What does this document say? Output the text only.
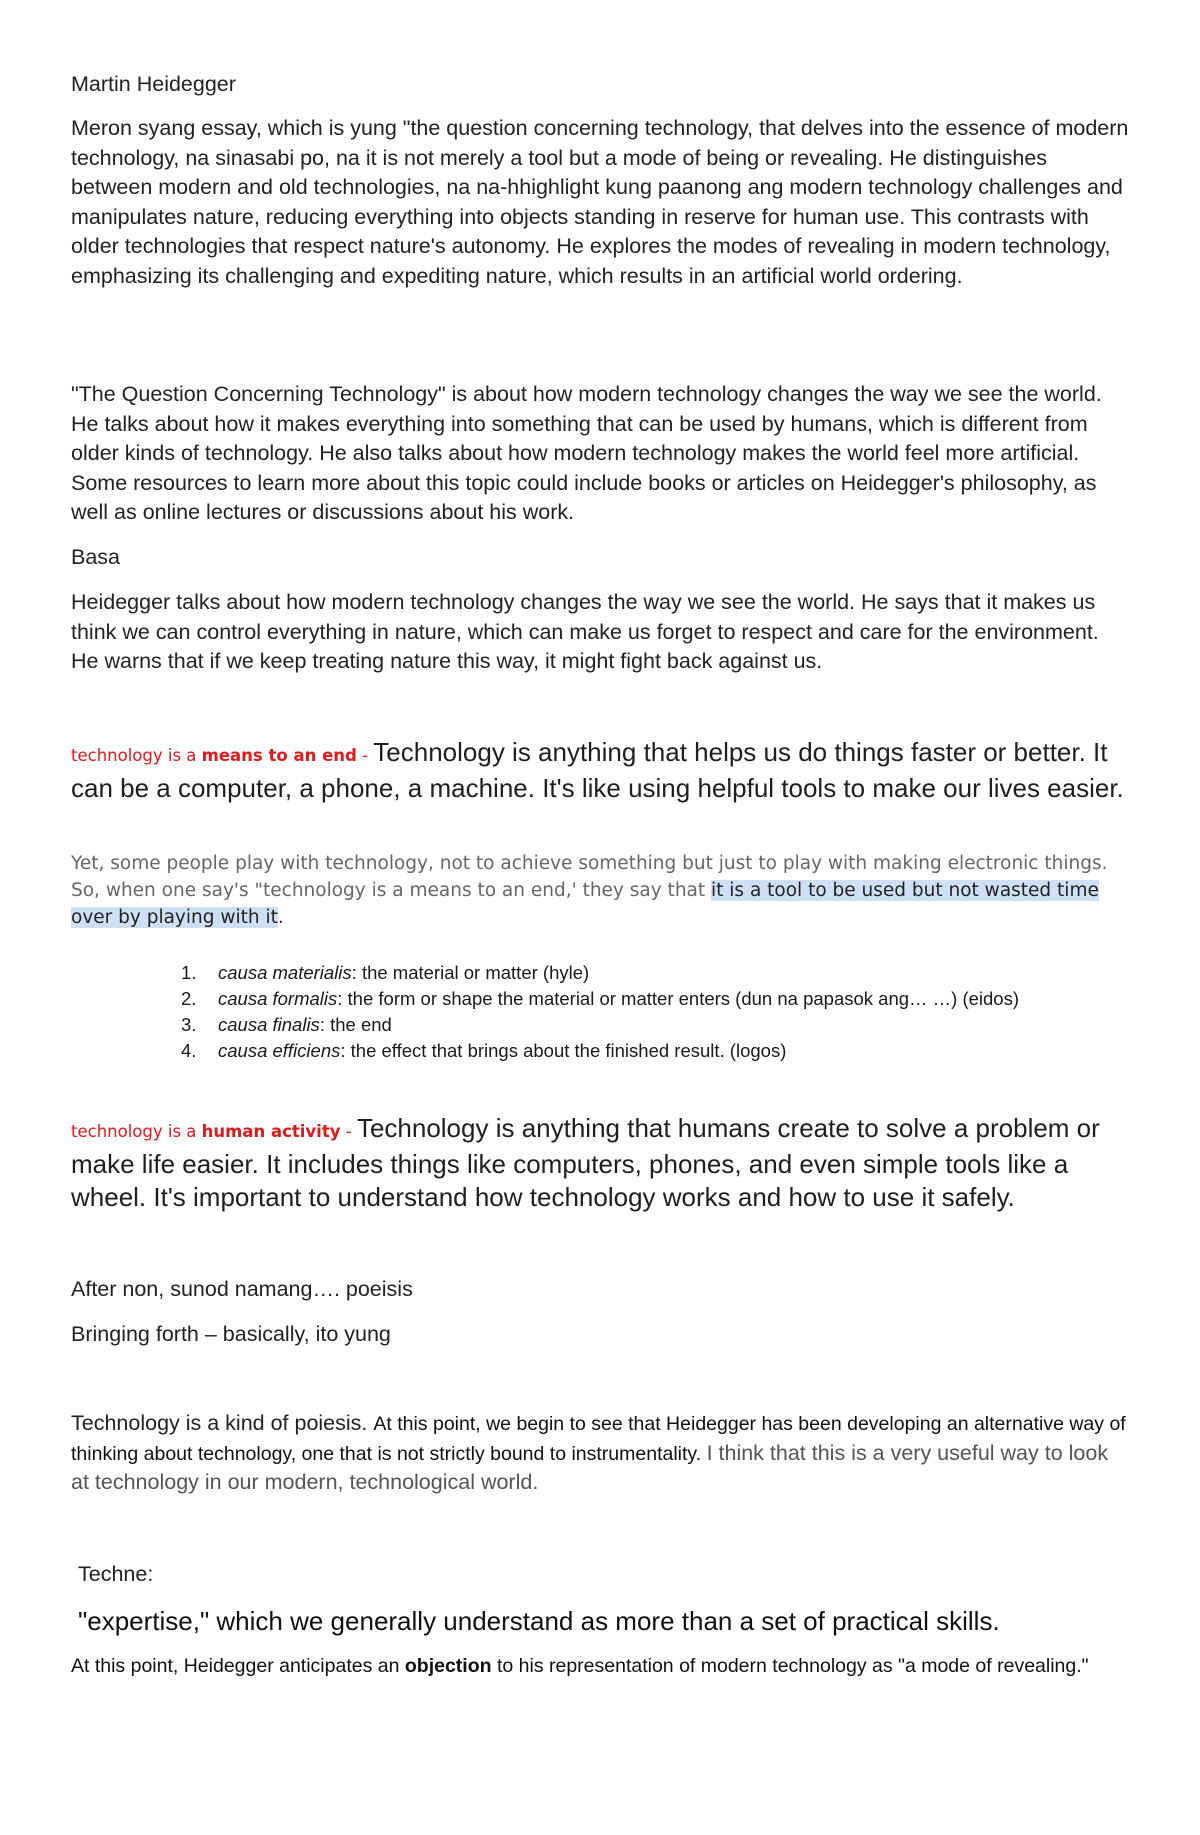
Martin Heidegger

Meron syang essay, which is yung "the question concerning technology, that delves into the essence of modern technology, na sinasabi po, na it is not merely a tool but a mode of being or revealing. He distinguishes between modern and old technologies, na na-hhighlight kung paanong ang modern technology challenges and manipulates nature, reducing everything into objects standing in reserve for human use. This contrasts with older technologies that respect nature's autonomy. He explores the modes of revealing in modern technology, emphasizing its challenging and expediting nature, which results in an artificial world ordering.

"The Question Concerning Technology" is about how modern technology changes the way we see the world. He talks about how it makes everything into something that can be used by humans, which is different from older kinds of technology. He also talks about how modern technology makes the world feel more artificial. Some resources to learn more about this topic could include books or articles on Heidegger's philosophy, as well as online lectures or discussions about his work.

Basa

Heidegger talks about how modern technology changes the way we see the world. He says that it makes us think we can control everything in nature, which can make us forget to respect and care for the environment. He warns that if we keep treating nature this way, it might fight back against us.

technology is a means to an end - Technology is anything that helps us do things faster or better. It can be a computer, a phone, a machine. It's like using helpful tools to make our lives easier.

Yet, some people play with technology, not to achieve something but just to play with making electronic things.
So, when one say's "technology is a means to an end,' they say that it is a tool to be used but not wasted time over by playing with it.

1. causa materialis: the material or matter (hyle)
2. causa formalis: the form or shape the material or matter enters (dun na papasok ang… …) (eidos)
3. causa finalis: the end
4. causa efficiens: the effect that brings about the finished result. (logos)

technology is a human activity - Technology is anything that humans create to solve a problem or make life easier. It includes things like computers, phones, and even simple tools like a wheel. It's important to understand how technology works and how to use it safely.

After non, sunod namang…. poeisis

Bringing forth – basically, ito yung

Technology is a kind of poiesis. At this point, we begin to see that Heidegger has been developing an alternative way of thinking about technology, one that is not strictly bound to instrumentality. I think that this is a very useful way to look at technology in our modern, technological world.

Techne:

"expertise," which we generally understand as more than a set of practical skills.

At this point, Heidegger anticipates an objection to his representation of modern technology as "a mode of revealing."
